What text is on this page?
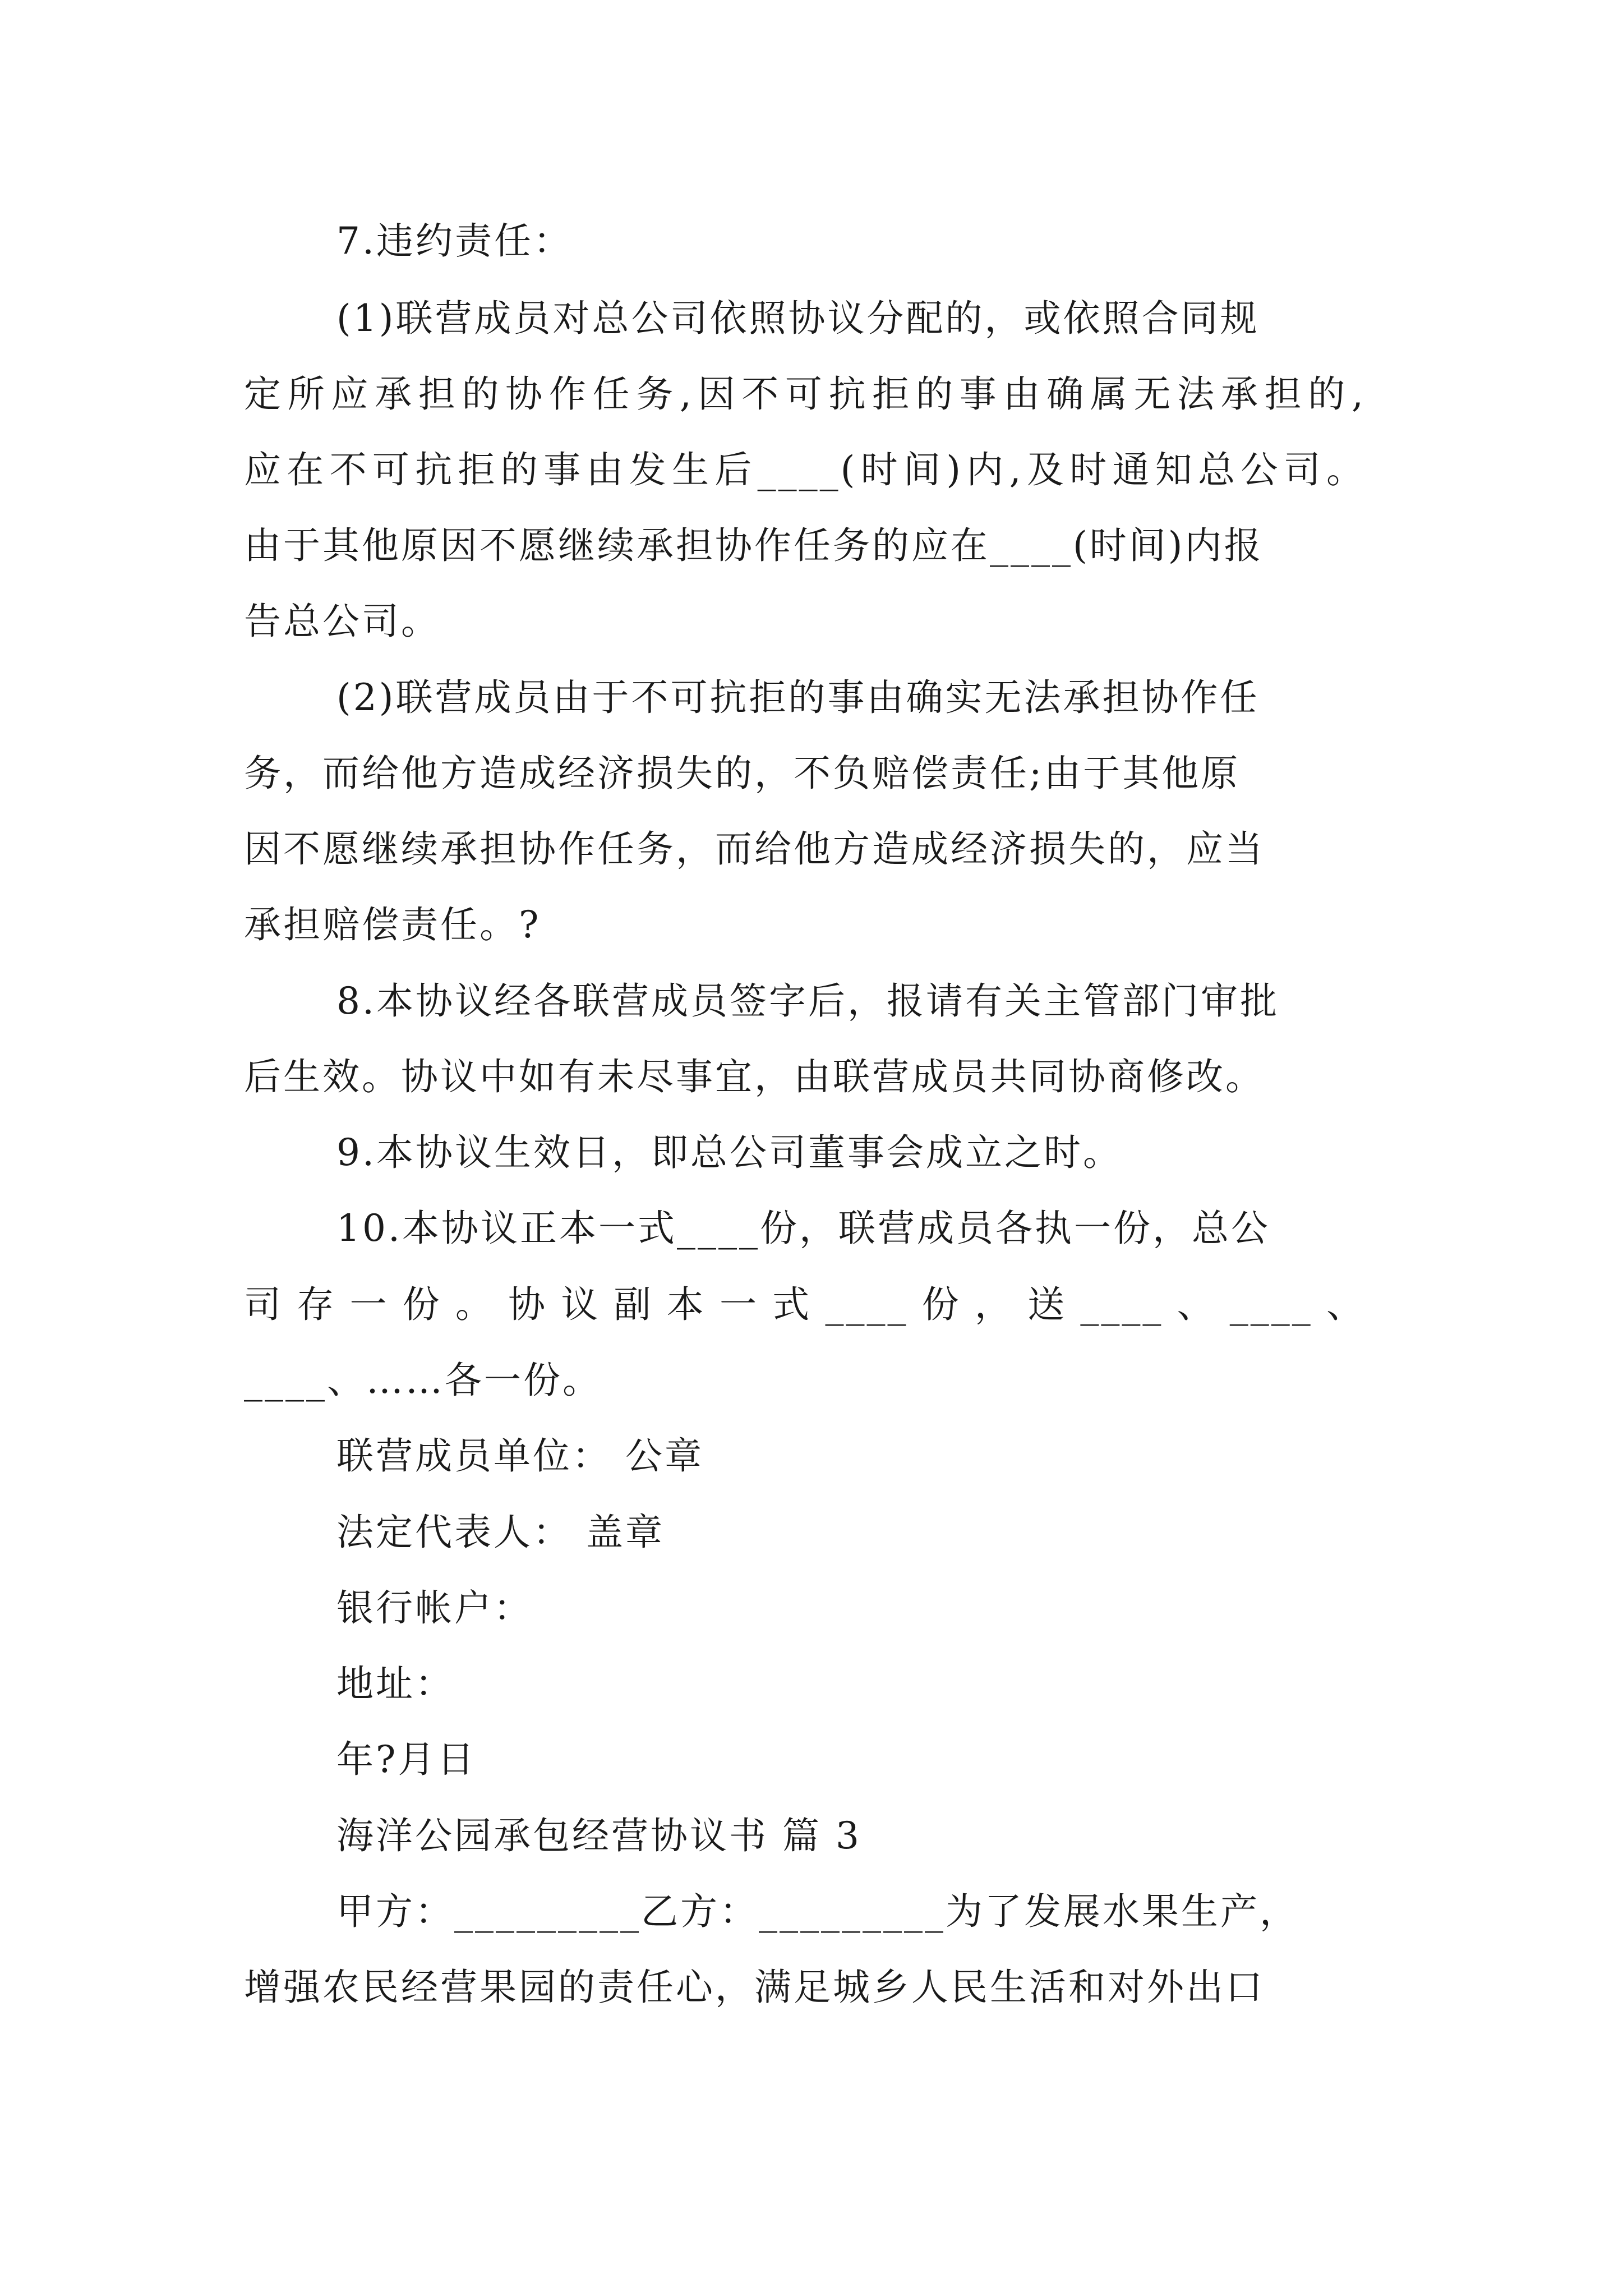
7.违约责任：
(1)联营成员对总公司依照协议分配的，或依照合同规
定所应承担的协作任务,因不可抗拒的事由确属无法承担的,
应在不可抗拒的事由发生后____(时间)内,及时通知总公司。
由于其他原因不愿继续承担协作任务的应在____(时间)内报
告总公司。
(2)联营成员由于不可抗拒的事由确实无法承担协作任
务，而给他方造成经济损失的，不负赔偿责任;由于其他原
因不愿继续承担协作任务，而给他方造成经济损失的，应当
承担赔偿责任。?
8.本协议经各联营成员签字后，报请有关主管部门审批
后生效。协议中如有未尽事宜，由联营成员共同协商修改。
9.本协议生效日，即总公司董事会成立之时。
10.本协议正本一式____份，联营成员各执一份，总公
司存一份。协议副本一式____份，送____、____、
____、……各一份。
联营成员单位： 公章
法定代表人： 盖章
银行帐户：
地址：
年?月日
海洋公园承包经营协议书 篇 3
甲方：_________乙方：_________为了发展水果生产，
增强农民经营果园的责任心，满足城乡人民生活和对外出口
